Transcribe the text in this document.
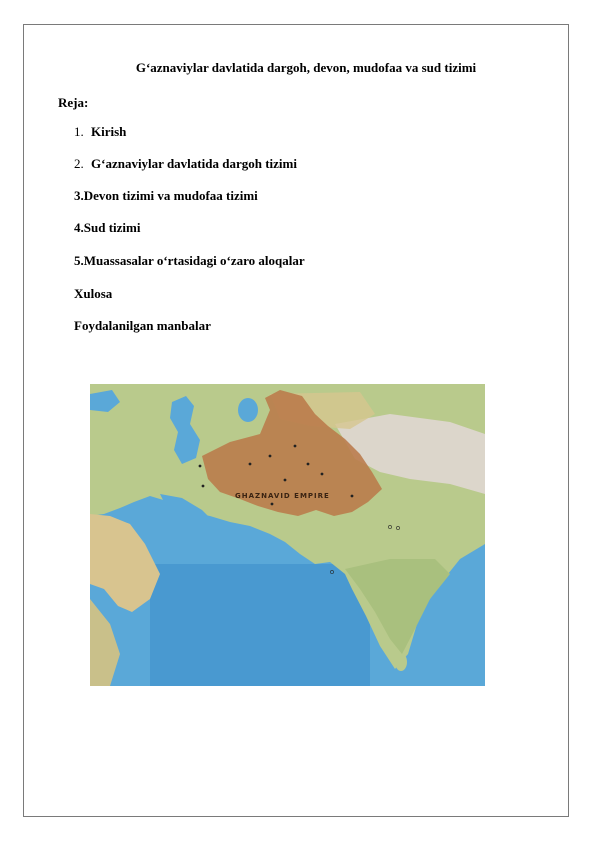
G‘aznaviylar davlatida dargoh, devon, mudofaa va sud tizimi
Reja:
1. Kirish
2. G‘aznaviylar davlatida dargoh tizimi
3.Devon tizimi va mudofaa tizimi
4.Sud tizimi
5.Muassasalar o‘rtasidagi o‘zaro aloqalar
Xulosa
Foydalanilgan manbalar
GHAZNAVID EMPIRE
